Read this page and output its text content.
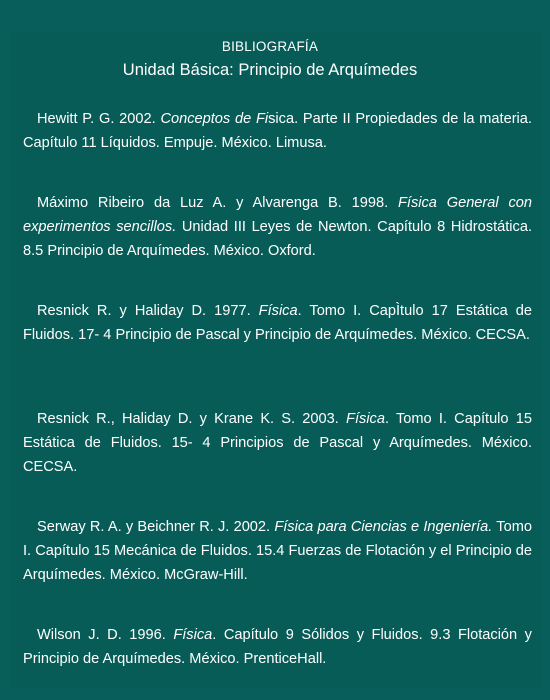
BIBLIOGRAFÍA
Unidad Básica: Principio de Arquímedes

Hewitt P. G. 2002. Conceptos de Fisica. Parte II Propiedades de la materia. Capítulo 11 Líquidos. Empuje. México. Limusa.

Máximo Ribeiro da Luz A. y Alvarenga B. 1998. Física General con experimentos sencillos. Unidad III Leyes de Newton. Capítulo 8 Hidrostática. 8.5 Principio de Arquímedes. México. Oxford.

Resnick R. y Haliday D. 1977. Física. Tomo I. CapÌtulo 17 Estática de Fluidos. 17- 4 Principio de Pascal y Principio de Arquímedes. México. CECSA.

Resnick R., Haliday D. y Krane K. S. 2003. Física. Tomo I. Capítulo 15 Estática de Fluidos. 15- 4 Principios de Pascal y Arquímedes. México. CECSA.

Serway R. A. y Beichner R. J. 2002. Física para Ciencias e Ingeniería. Tomo I. Capítulo 15 Mecánica de Fluidos. 15.4 Fuerzas de Flotación y el Principio de Arquímedes. México. McGraw-Hill.

Wilson J. D. 1996. Física. Capítulo 9 Sólidos y Fluidos. 9.3 Flotación y Principio de Arquímedes. México. PrenticeHall.
